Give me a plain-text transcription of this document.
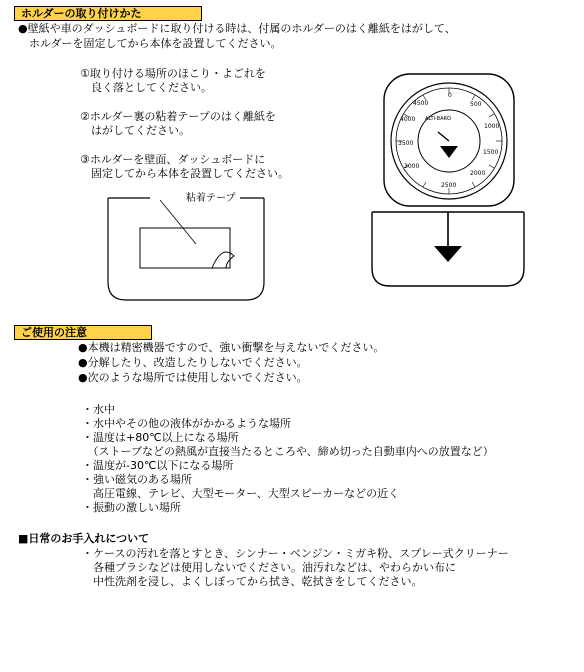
ホルダーの取り付けかた
●壁紙や車のダッシュボードに取り付ける時は、付属のホルダーのはく離紙をはがして、
　ホルダーを固定してから本体を設置してください。
①取り付ける場所のほこり・よごれを
　良く落としてください。
②ホルダー裏の粘着テープのはく離紙を
　はがしてください。
③ホルダーを壁面、ダッシュボードに
　固定してから本体を設置してください。
粘着テープ
ALTI-BARO
4500
4000
3500
3000
2500
2000
1500
1000
500
0
ご使用の注意
●本機は精密機器ですので、強い衝撃を与えないでください。
●分解したり、改造したりしないでください。
●次のような場所では使用しないでください。
・水中
・水中やその他の液体がかかるような場所
・温度は+80℃以上になる場所
　（ストーブなどの熱風が直接当たるところや、締め切った自動車内への放置など）
・温度が-30℃以下になる場所
・強い磁気のある場所
　高圧電線、テレビ、大型モーター、大型スピーカーなどの近く
・振動の激しい場所
■日常のお手入れについて
・ケースの汚れを落とすとき、シンナー・ベンジン・ミガキ粉、スプレー式クリーナー
　各種ブラシなどは使用しないでください。油汚れなどは、やわらかい布に
　中性洗剤を浸し、よくしぼってから拭き、乾拭きをしてください。
